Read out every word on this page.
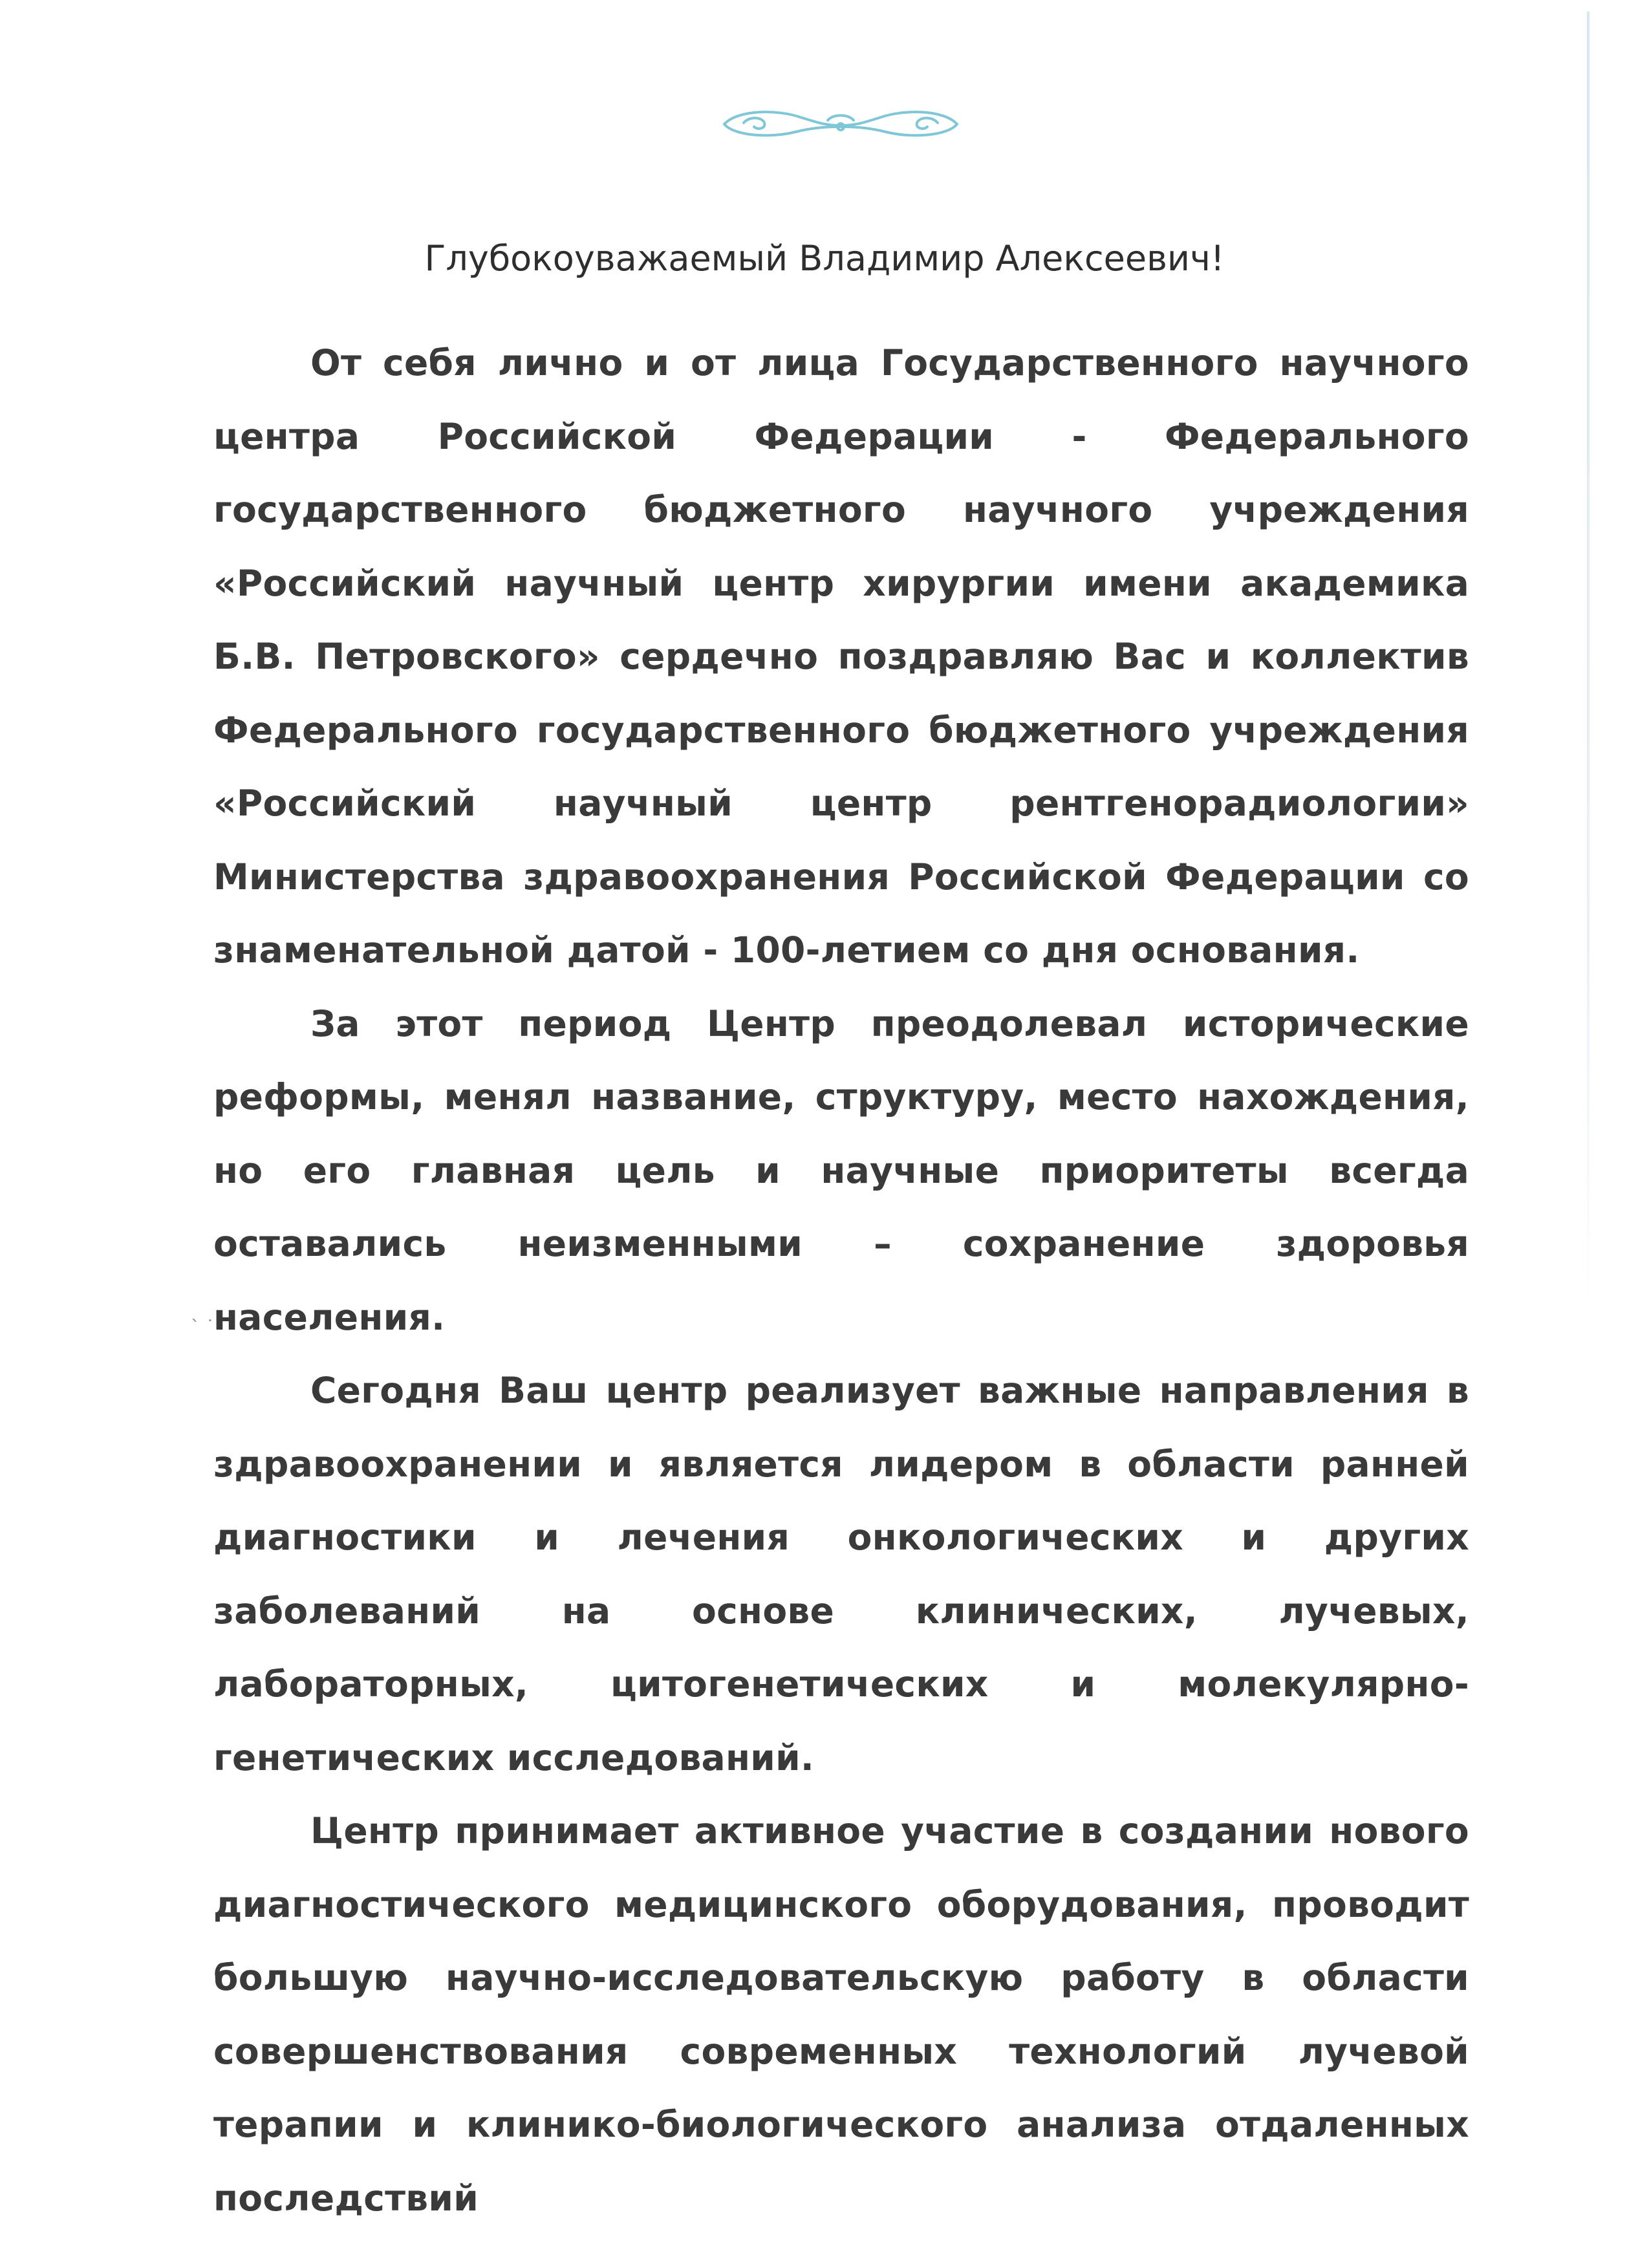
Глубокоуважаемый Владимир Алексеевич!

От себя лично и от лица Государственного научного центра Российской Федерации - Федерального государственного бюджетного научного учреждения «Российский научный центр хирургии имени академика Б.В. Петровского» сердечно поздравляю Вас и коллектив Федерального государственного бюджетного учреждения «Российский научный центр рентгенорадиологии» Министерства здравоохранения Российской Федерации со знаменательной датой - 100-летием со дня основания.

За этот период Центр преодолевал исторические реформы, менял название, структуру, место нахождения, но его главная цель и научные приоритеты всегда оставались неизменными – сохранение здоровья населения.

Сегодня Ваш центр реализует важные направления в здравоохранении и является лидером в области ранней диагностики и лечения онкологических и других заболеваний на основе клинических, лучевых, лабораторных, цитогенетических и молекулярно-генетических исследований.

Центр принимает активное участие в создании нового диагностического медицинского оборудования, проводит большую научно-исследовательскую работу в области совершенствования современных технологий лучевой терапии и клинико-биологического анализа отдаленных последствий

` ˙
